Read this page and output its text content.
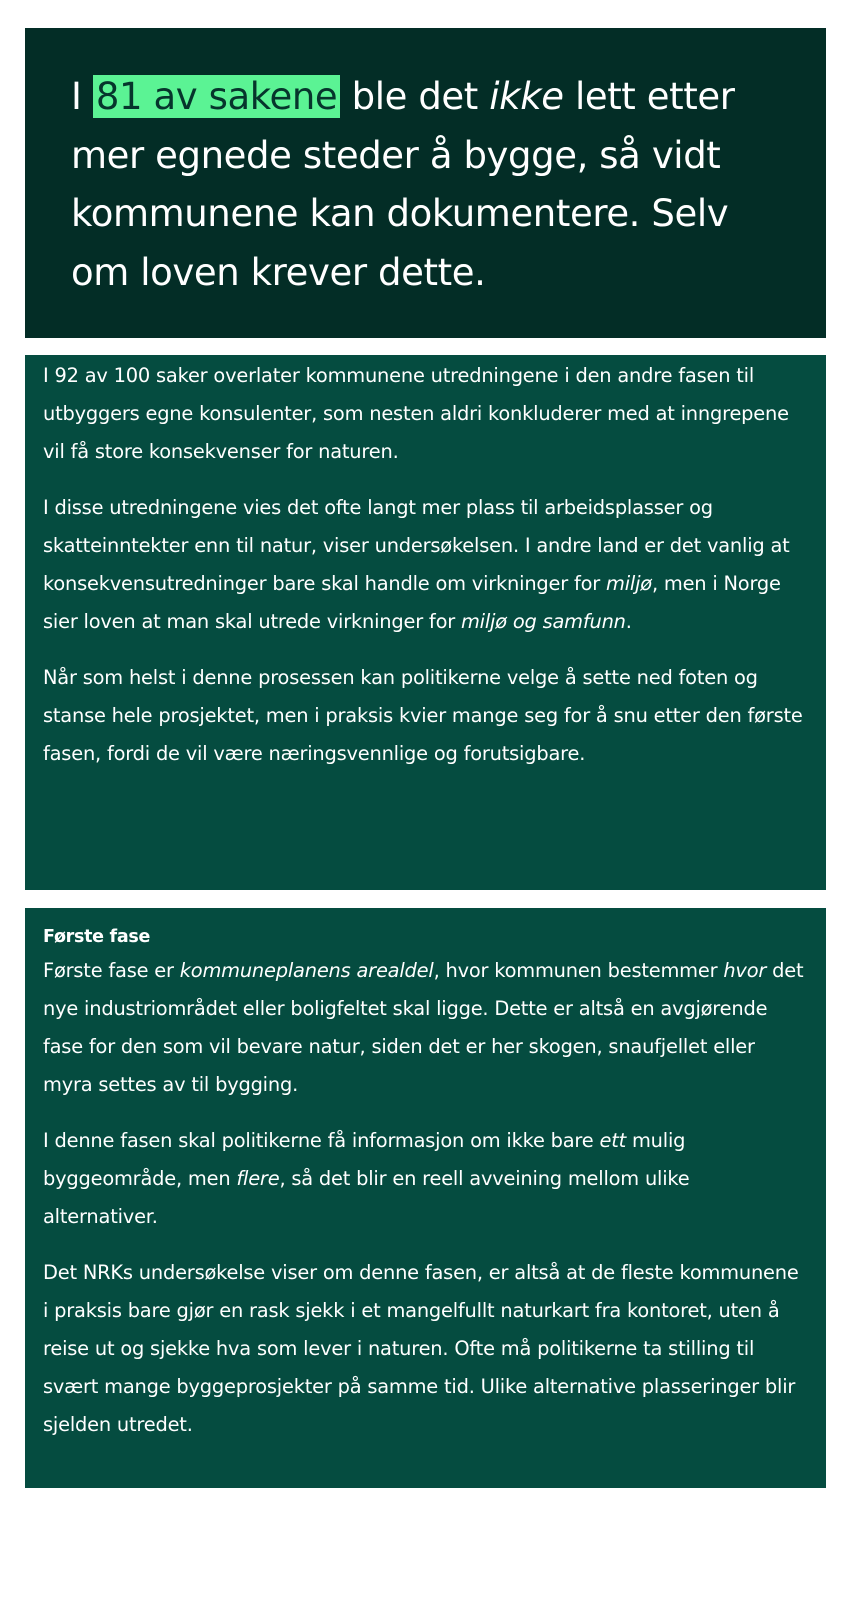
I 81 av sakene ble det ikke lett etter mer egnede steder å bygge, så vidt kommunene kan dokumentere. Selv om loven krever dette.

I 92 av 100 saker overlater kommunene utredningene i den andre fasen til utbyggers egne konsulenter, som nesten aldri konkluderer med at inngrepene vil få store konsekvenser for naturen.

I disse utredningene vies det ofte langt mer plass til arbeidsplasser og skatteinntekter enn til natur, viser undersøkelsen. I andre land er det vanlig at konsekvensutredninger bare skal handle om virkninger for miljø, men i Norge sier loven at man skal utrede virkninger for miljø og samfunn.

Når som helst i denne prosessen kan politikerne velge å sette ned foten og stanse hele prosjektet, men i praksis kvier mange seg for å snu etter den første fasen, fordi de vil være næringsvennlige og forutsigbare.

Første fase

Første fase er kommuneplanens arealdel, hvor kommunen bestemmer hvor det nye industriområdet eller boligfeltet skal ligge. Dette er altså en avgjørende fase for den som vil bevare natur, siden det er her skogen, snaufjellet eller myra settes av til bygging.

I denne fasen skal politikerne få informasjon om ikke bare ett mulig byggeområde, men flere, så det blir en reell avveining mellom ulike alternativer.

Det NRKs undersøkelse viser om denne fasen, er altså at de fleste kommunene i praksis bare gjør en rask sjekk i et mangelfullt naturkart fra kontoret, uten å reise ut og sjekke hva som lever i naturen. Ofte må politikerne ta stilling til svært mange byggeprosjekter på samme tid. Ulike alternative plasseringer blir sjelden utredet.
